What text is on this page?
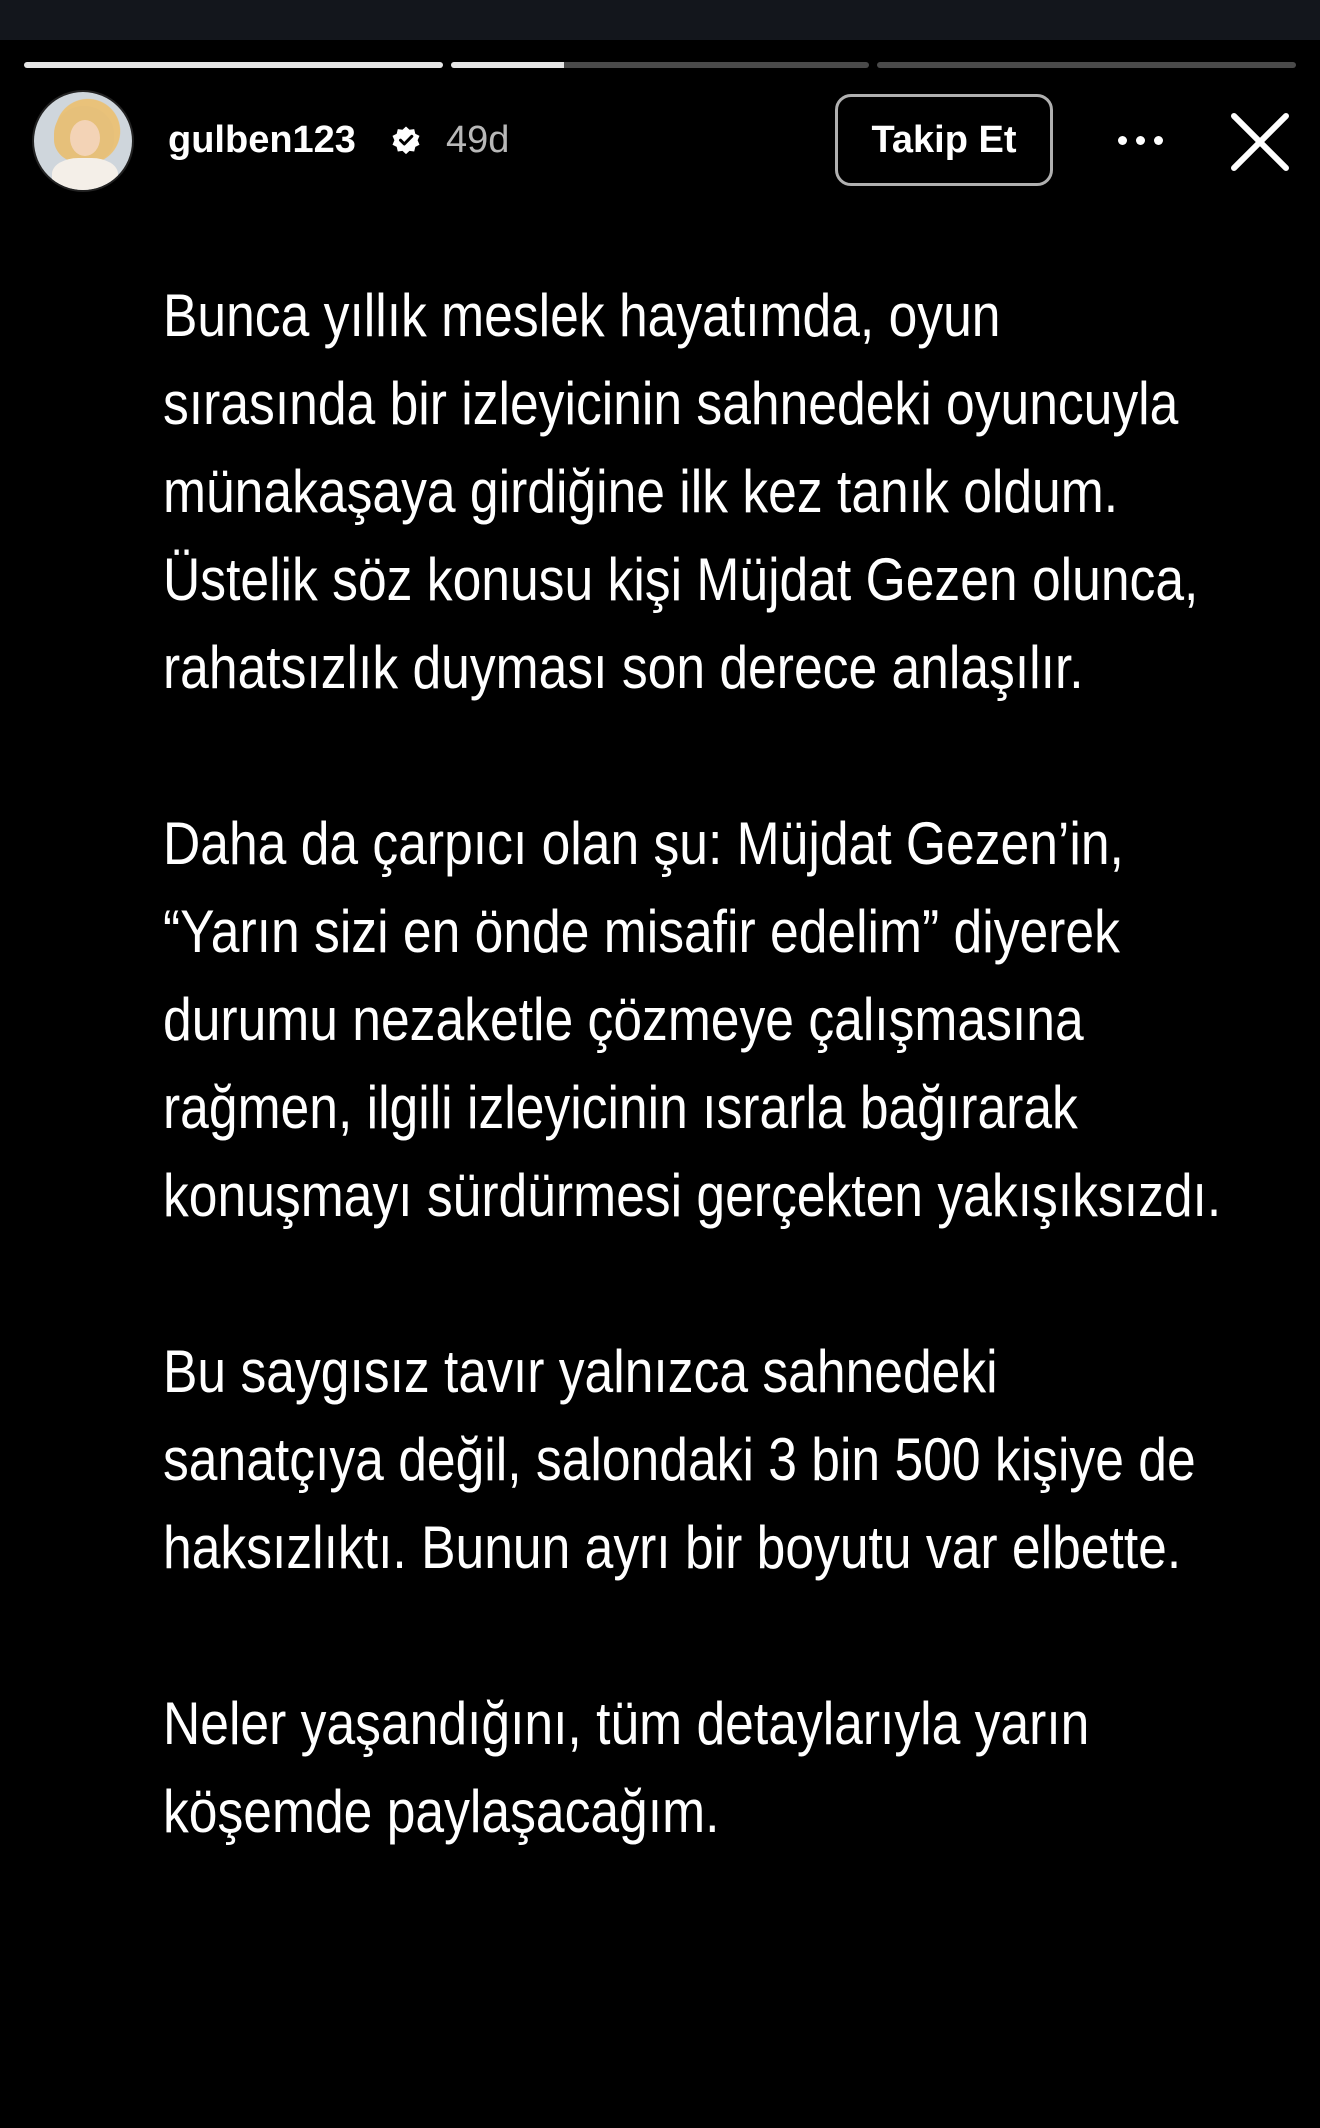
gulben123 49d	Takip Et

Bunca yıllık meslek hayatımda, oyun sırasında bir izleyicinin sahnedeki oyuncuyla münakaşaya girdiğine ilk kez tanık oldum. Üstelik söz konusu kişi Müjdat Gezen olunca, rahatsızlık duyması son derece anlaşılır.

Daha da çarpıcı olan şu: Müjdat Gezen’in, “Yarın sizi en önde misafir edelim” diyerek durumu nezaketle çözmeye çalışmasına rağmen, ilgili izleyicinin ısrarla bağırarak konuşmayı sürdürmesi gerçekten yakışıksızdı.

Bu saygısız tavır yalnızca sahnedeki sanatçıya değil, salondaki 3 bin 500 kişiye de haksızlıktı. Bunun ayrı bir boyutu var elbette.

Neler yaşandığını, tüm detaylarıyla yarın köşemde paylaşacağım.
